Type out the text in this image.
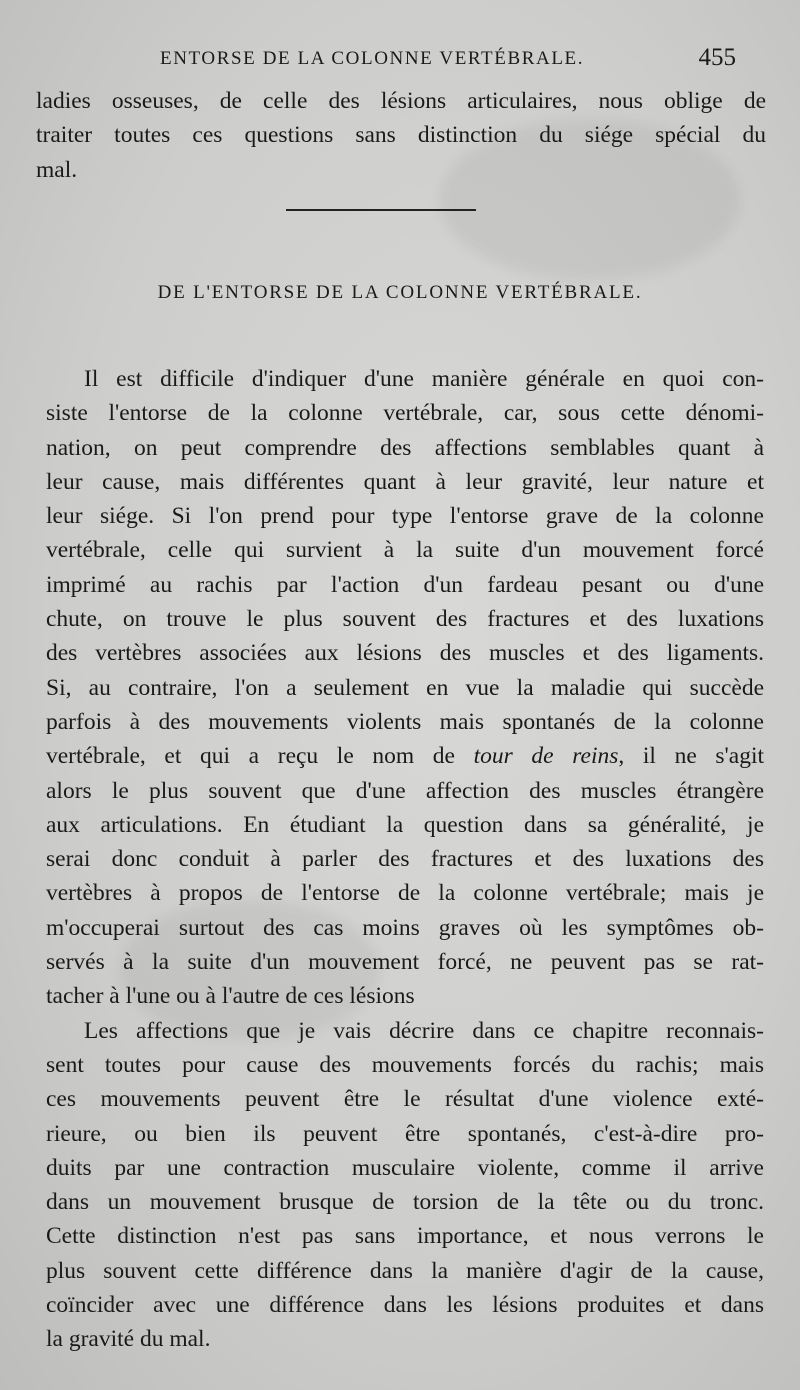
ENTORSE DE LA COLONNE VERTÉBRALE.	455
ladies osseuses, de celle des lésions articulaires, nous oblige de
traiter toutes ces questions sans distinction du siége spécial du
mal.
DE L'ENTORSE DE LA COLONNE VERTÉBRALE.
Il est difficile d'indiquer d'une manière générale en quoi con-
siste l'entorse de la colonne vertébrale, car, sous cette dénomi-
nation, on peut comprendre des affections semblables quant à
leur cause, mais différentes quant à leur gravité, leur nature et
leur siége. Si l'on prend pour type l'entorse grave de la colonne
vertébrale, celle qui survient à la suite d'un mouvement forcé
imprimé au rachis par l'action d'un fardeau pesant ou d'une
chute, on trouve le plus souvent des fractures et des luxations
des vertèbres associées aux lésions des muscles et des ligaments.
Si, au contraire, l'on a seulement en vue la maladie qui succède
parfois à des mouvements violents mais spontanés de la colonne
vertébrale, et qui a reçu le nom de tour de reins, il ne s'agit
alors le plus souvent que d'une affection des muscles étrangère
aux articulations. En étudiant la question dans sa généralité, je
serai donc conduit à parler des fractures et des luxations des
vertèbres à propos de l'entorse de la colonne vertébrale; mais je
m'occuperai surtout des cas moins graves où les symptômes ob-
servés à la suite d'un mouvement forcé, ne peuvent pas se rat-
tacher à l'une ou à l'autre de ces lésions
Les affections que je vais décrire dans ce chapitre reconnais-
sent toutes pour cause des mouvements forcés du rachis; mais
ces mouvements peuvent être le résultat d'une violence exté-
rieure, ou bien ils peuvent être spontanés, c'est-à-dire pro-
duits par une contraction musculaire violente, comme il arrive
dans un mouvement brusque de torsion de la tête ou du tronc.
Cette distinction n'est pas sans importance, et nous verrons le
plus souvent cette différence dans la manière d'agir de la cause,
coïncider avec une différence dans les lésions produites et dans
la gravité du mal.
